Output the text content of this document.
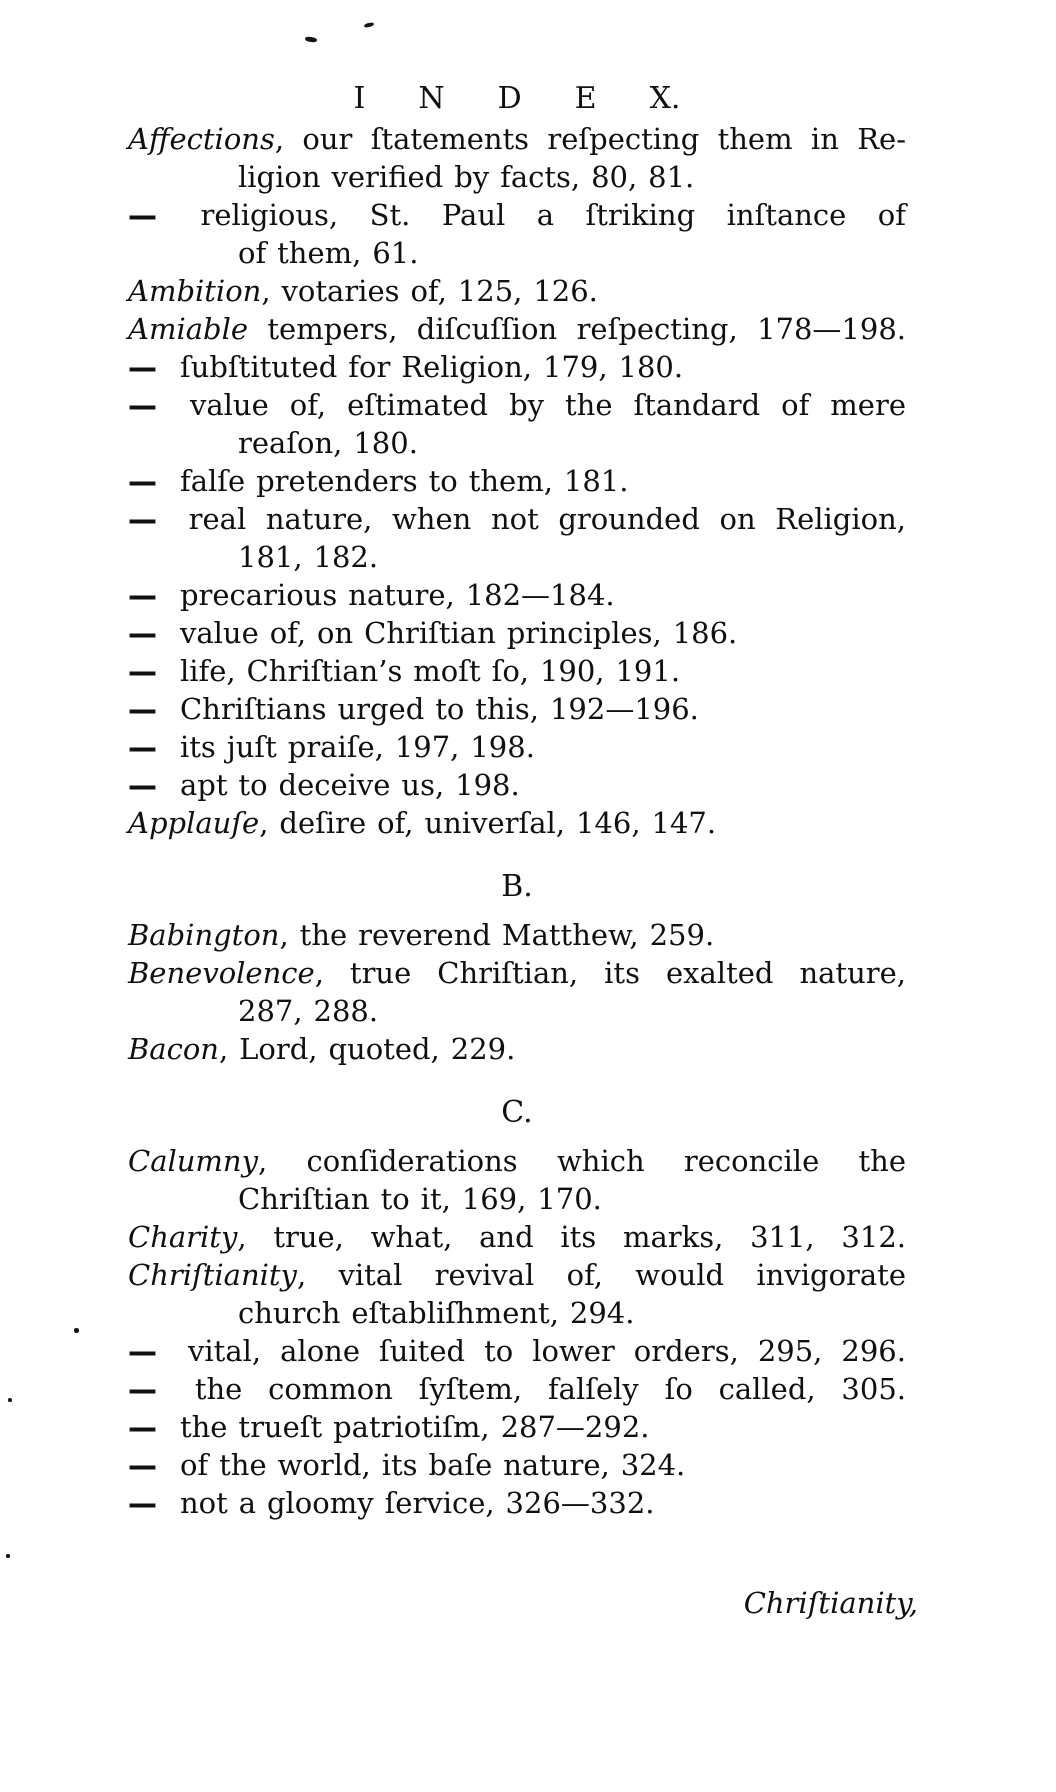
I N D E X.
Affections, our ſtatements reſpecting them in Re-
ligion verified by facts, 80, 81.
— religious, St. Paul a ſtriking inſtance of
of them, 61.
Ambition, votaries of, 125, 126.
Amiable tempers, diſcuſſion reſpecting, 178—198.
— ſubſtituted for Religion, 179, 180.
— value of, eſtimated by the ſtandard of mere
reaſon, 180.
— falſe pretenders to them, 181.
— real nature, when not grounded on Religion,
181, 182.
— precarious nature, 182—184.
— value of, on Chriſtian principles, 186.
— life, Chriſtian’s moſt ſo, 190, 191.
— Chriſtians urged to this, 192—196.
— its juſt praiſe, 197, 198.
— apt to deceive us, 198.
Applauſe, deſire of, univerſal, 146, 147.
B.
Babington, the reverend Matthew, 259.
Benevolence, true Chriſtian, its exalted nature,
287, 288.
Bacon, Lord, quoted, 229.
C.
Calumny, conſiderations which reconcile the
Chriſtian to it, 169, 170.
Charity, true, what, and its marks, 311, 312.
Chriſtianity, vital revival of, would invigorate
church eſtabliſhment, 294.
— vital, alone ſuited to lower orders, 295, 296.
— the common ſyſtem, falſely ſo called, 305.
— the trueſt patriotiſm, 287—292.
— of the world, its baſe nature, 324.
— not a gloomy ſervice, 326—332.
Chriſtianity,
